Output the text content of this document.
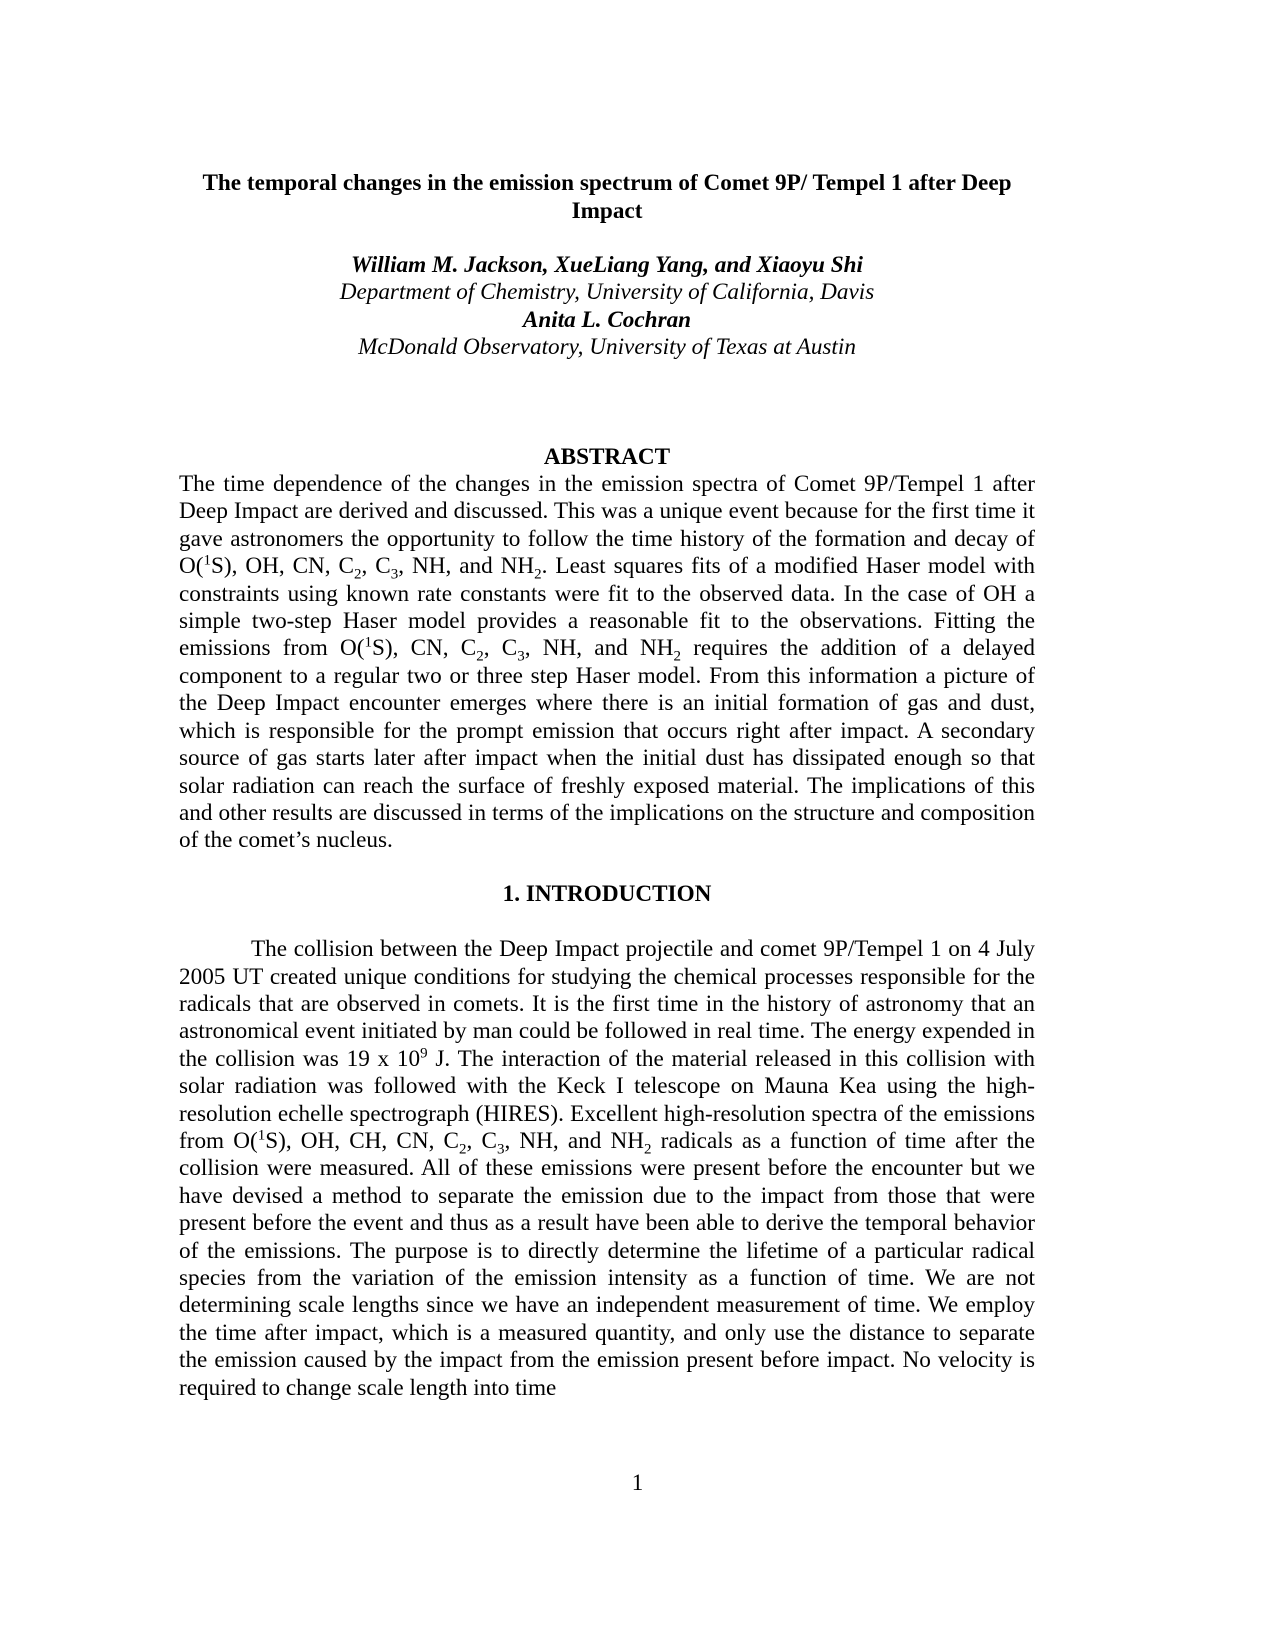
The temporal changes in the emission spectrum of Comet 9P/ Tempel 1 after Deep Impact
William M. Jackson, XueLiang Yang, and Xiaoyu Shi
Department of Chemistry, University of California, Davis
Anita L. Cochran
McDonald Observatory, University of Texas at Austin
ABSTRACT

The time dependence of the changes in the emission spectra of Comet 9P/Tempel 1 after Deep Impact are derived and discussed. This was a unique event because for the first time it gave astronomers the opportunity to follow the time history of the formation and decay of O($^1$S), OH, CN, $C_2$, $C_3$, NH, and $NH_2$. Least squares fits of a modified Haser model with constraints using known rate constants were fit to the observed data. In the case of OH a simple two-step Haser model provides a reasonable fit to the observations. Fitting the emissions from O($^1$S), CN, $C_2$, $C_3$, NH, and $NH_2$ requires the addition of a delayed component to a regular two or three step Haser model. From this information a picture of the Deep Impact encounter emerges where there is an initial formation of gas and dust, which is responsible for the prompt emission that occurs right after impact. A secondary source of gas starts later after impact when the initial dust has dissipated enough so that solar radiation can reach the surface of freshly exposed material. The implications of this and other results are discussed in terms of the implications on the structure and composition of the comet’s nucleus.

1. INTRODUCTION

The collision between the Deep Impact projectile and comet 9P/Tempel 1 on 4 July 2005 UT created unique conditions for studying the chemical processes responsible for the radicals that are observed in comets. It is the first time in the history of astronomy that an astronomical event initiated by man could be followed in real time. The energy expended in the collision was 19 x $10^9$ J. The interaction of the material released in this collision with solar radiation was followed with the Keck I telescope on Mauna Kea using the high-resolution echelle spectrograph (HIRES). Excellent high-resolution spectra of the emissions from O($^1$S), OH, CH, CN, $C_2$, $C_3$, NH, and $NH_2$ radicals as a function of time after the collision were measured. All of these emissions were present before the encounter but we have devised a method to separate the emission due to the impact from those that were present before the event and thus as a result have been able to derive the temporal behavior of the emissions. The purpose is to directly determine the lifetime of a particular radical species from the variation of the emission intensity as a function of time. We are not determining scale lengths since we have an independent measurement of time. We employ the time after impact, which is a measured quantity, and only use the distance to separate the emission caused by the impact from the emission present before impact. No velocity is required to change scale length into time

1
